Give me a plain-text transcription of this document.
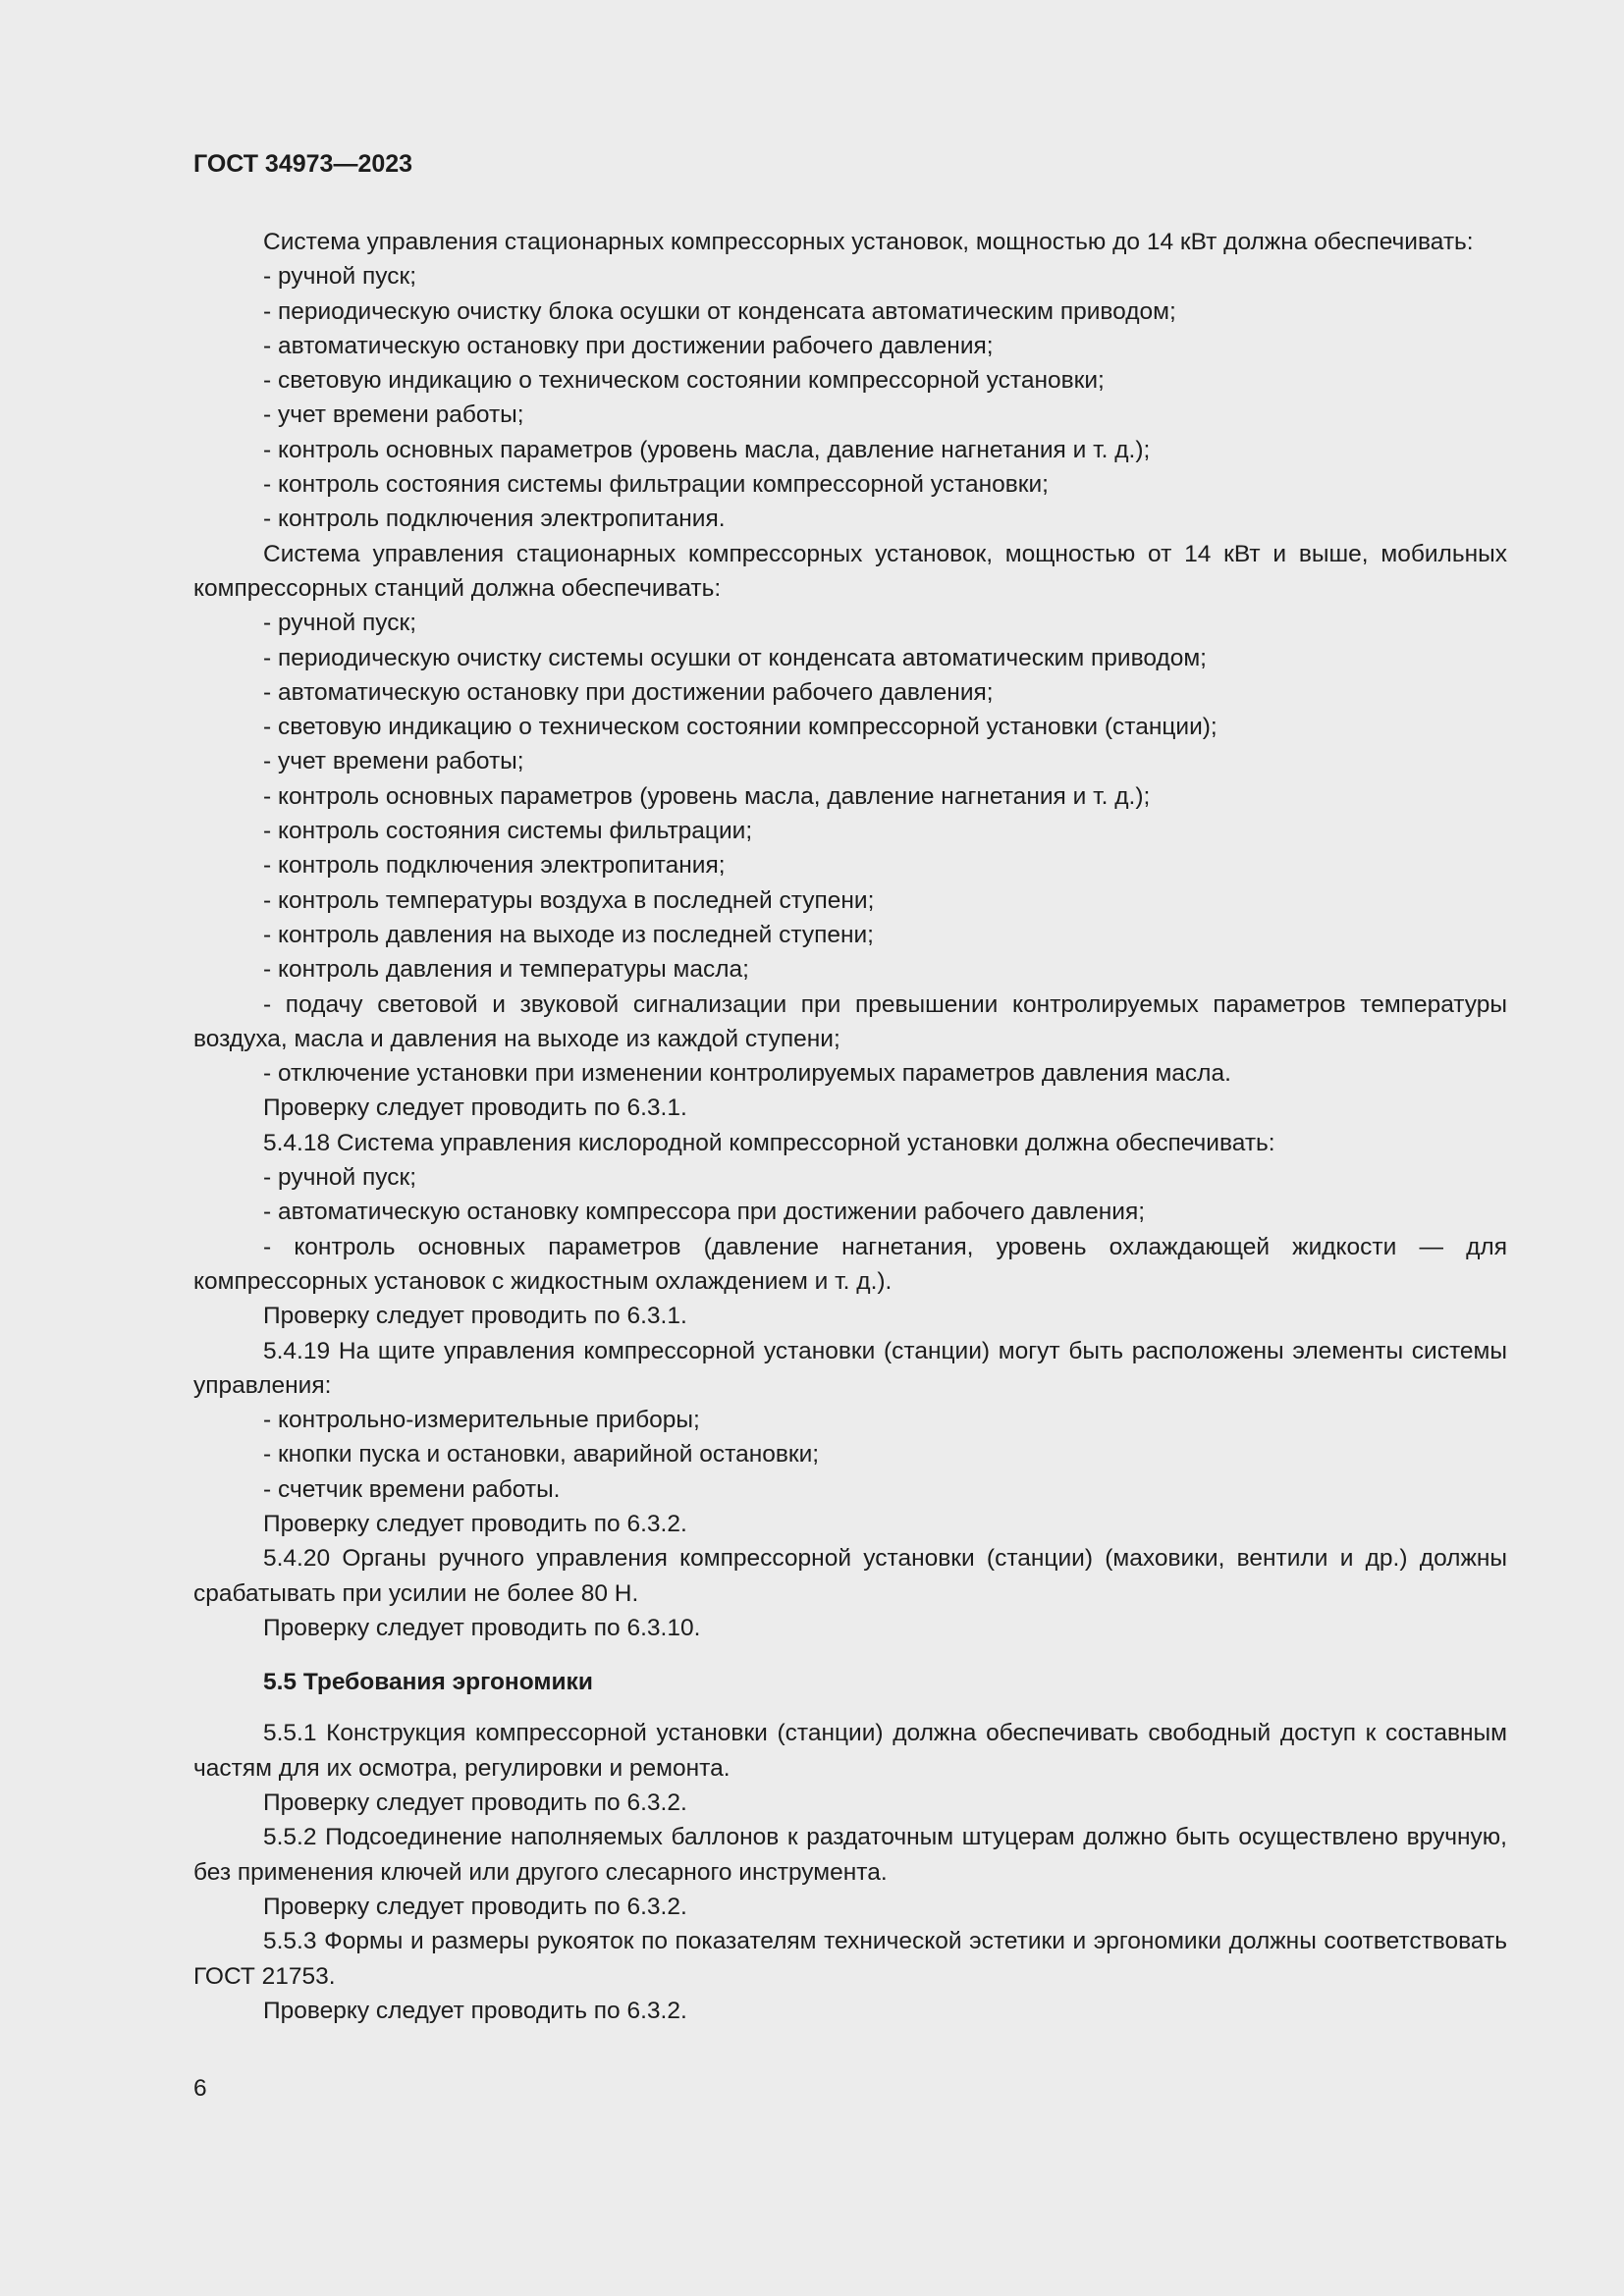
ГОСТ 34973—2023

Система управления стационарных компрессорных установок, мощностью до 14 кВт должна обеспечивать:

- ручной пуск;

- периодическую очистку блока осушки от конденсата автоматическим приводом;

- автоматическую остановку при достижении рабочего давления;

- световую индикацию о техническом состоянии компрессорной установки;

- учет времени работы;

- контроль основных параметров (уровень масла, давление нагнетания и т. д.);

- контроль состояния системы фильтрации компрессорной установки;

- контроль подключения электропитания.

Система управления стационарных компрессорных установок, мощностью от 14 кВт и выше, мобильных компрессорных станций должна обеспечивать:

- ручной пуск;

- периодическую очистку системы осушки от конденсата автоматическим приводом;

- автоматическую остановку при достижении рабочего давления;

- световую индикацию о техническом состоянии компрессорной установки (станции);

- учет времени работы;

- контроль основных параметров (уровень масла, давление нагнетания и т. д.);

- контроль состояния системы фильтрации;

- контроль подключения электропитания;

- контроль температуры воздуха в последней ступени;

- контроль давления на выходе из последней ступени;

- контроль давления и температуры масла;

- подачу световой и звуковой сигнализации при превышении контролируемых параметров температуры воздуха, масла и давления на выходе из каждой ступени;

- отключение установки при изменении контролируемых параметров давления масла.

Проверку следует проводить по 6.3.1.

5.4.18 Система управления кислородной компрессорной установки должна обеспечивать:

- ручной пуск;

- автоматическую остановку компрессора при достижении рабочего давления;

- контроль основных параметров (давление нагнетания, уровень охлаждающей жидкости — для компрессорных установок с жидкостным охлаждением и т. д.).

Проверку следует проводить по 6.3.1.

5.4.19 На щите управления компрессорной установки (станции) могут быть расположены элементы системы управления:

- контрольно-измерительные приборы;

- кнопки пуска и остановки, аварийной остановки;

- счетчик времени работы.

Проверку следует проводить по 6.3.2.

5.4.20 Органы ручного управления компрессорной установки (станции) (маховики, вентили и др.) должны срабатывать при усилии не более 80 Н.

Проверку следует проводить по 6.3.10.

5.5 Требования эргономики

5.5.1 Конструкция компрессорной установки (станции) должна обеспечивать свободный доступ к составным частям для их осмотра, регулировки и ремонта.

Проверку следует проводить по 6.3.2.

5.5.2 Подсоединение наполняемых баллонов к раздаточным штуцерам должно быть осуществлено вручную, без применения ключей или другого слесарного инструмента.

Проверку следует проводить по 6.3.2.

5.5.3 Формы и размеры рукояток по показателям технической эстетики и эргономики должны соответствовать ГОСТ 21753.

Проверку следует проводить по 6.3.2.

6
